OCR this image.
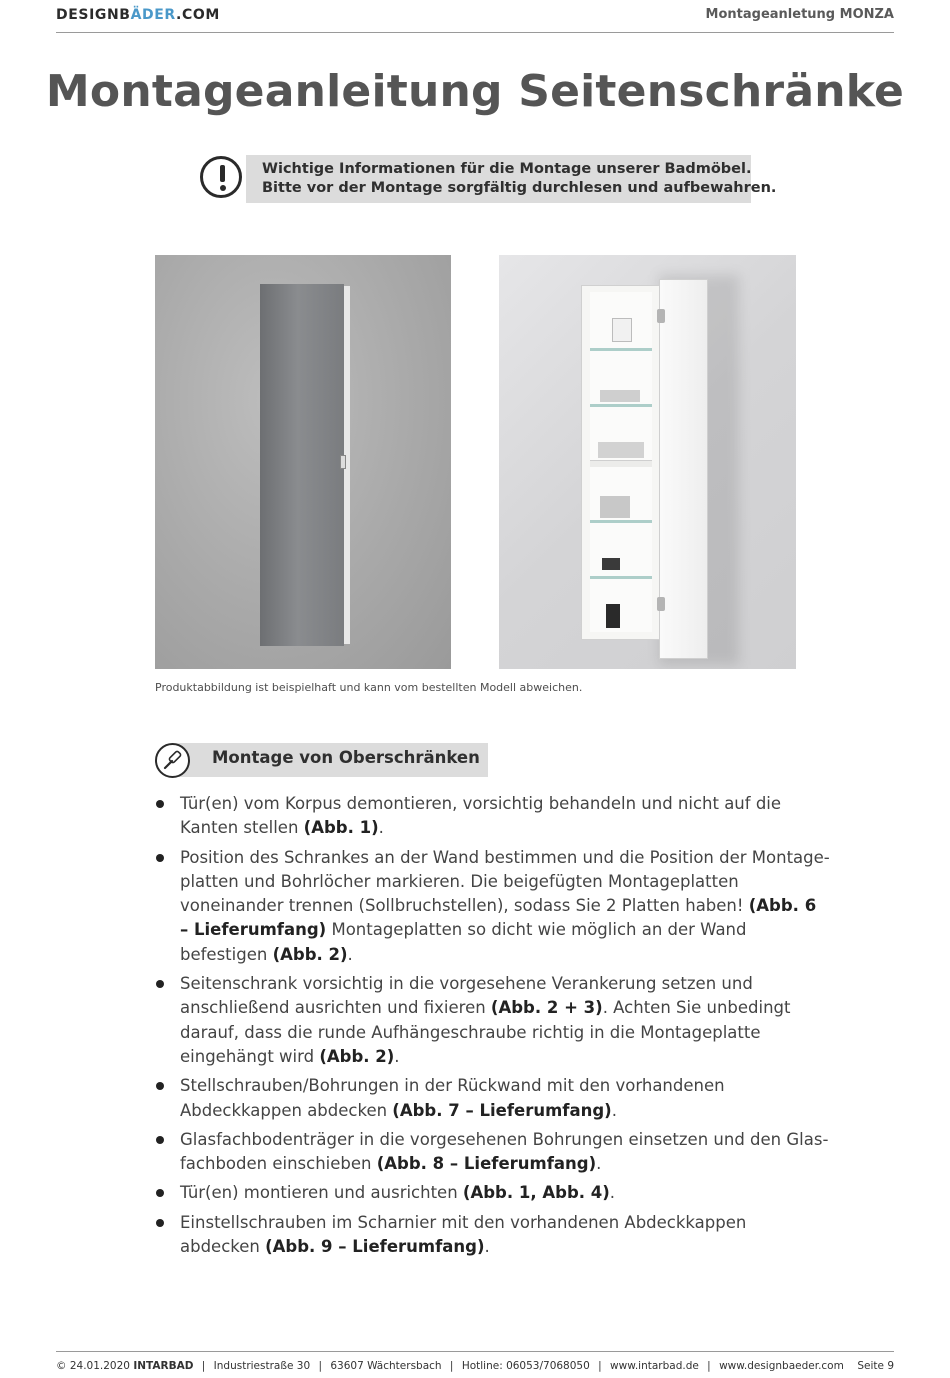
DESIGNBÄDER.COM	Montageanletung MONZA
Montageanleitung Seitenschränke
Wichtige Informationen für die Montage unserer Badmöbel.
Bitte vor der Montage sorgfältig durchlesen und aufbewahren.
Produktabbildung ist beispielhaft und kann vom bestellten Modell abweichen.
Montage von Oberschränken
Tür(en) vom Korpus demontieren, vorsichtig behandeln und nicht auf die Kanten stellen (Abb. 1).
Position des Schrankes an der Wand bestimmen und die Position der Montage-platten und Bohrlöcher markieren. Die beigefügten Montageplatten voneinander trennen (Sollbruchstellen), sodass Sie 2 Platten haben! (Abb. 6 – Lieferumfang) Montageplatten so dicht wie möglich an der Wand befestigen (Abb. 2).
Seitenschrank vorsichtig in die vorgesehene Verankerung setzen und anschließend ausrichten und fixieren (Abb. 2 + 3). Achten Sie unbedingt darauf, dass die runde Aufhängeschraube richtig in die Montageplatte eingehängt wird (Abb. 2).
Stellschrauben/Bohrungen in der Rückwand mit den vorhandenen Abdeckkappen abdecken (Abb. 7 – Lieferumfang).
Glasfachbodenträger in die vorgesehenen Bohrungen einsetzen und den Glas-fachboden einschieben (Abb. 8 – Lieferumfang).
Tür(en) montieren und ausrichten (Abb. 1, Abb. 4).
Einstellschrauben im Scharnier mit den vorhandenen Abdeckkappen abdecken (Abb. 9 – Lieferumfang).
© 24.01.2020 INTARBAD | Industriestraße 30 | 63607 Wächtersbach | Hotline: 06053/7068050 | www.intarbad.de | www.designbaeder.com Seite 9
